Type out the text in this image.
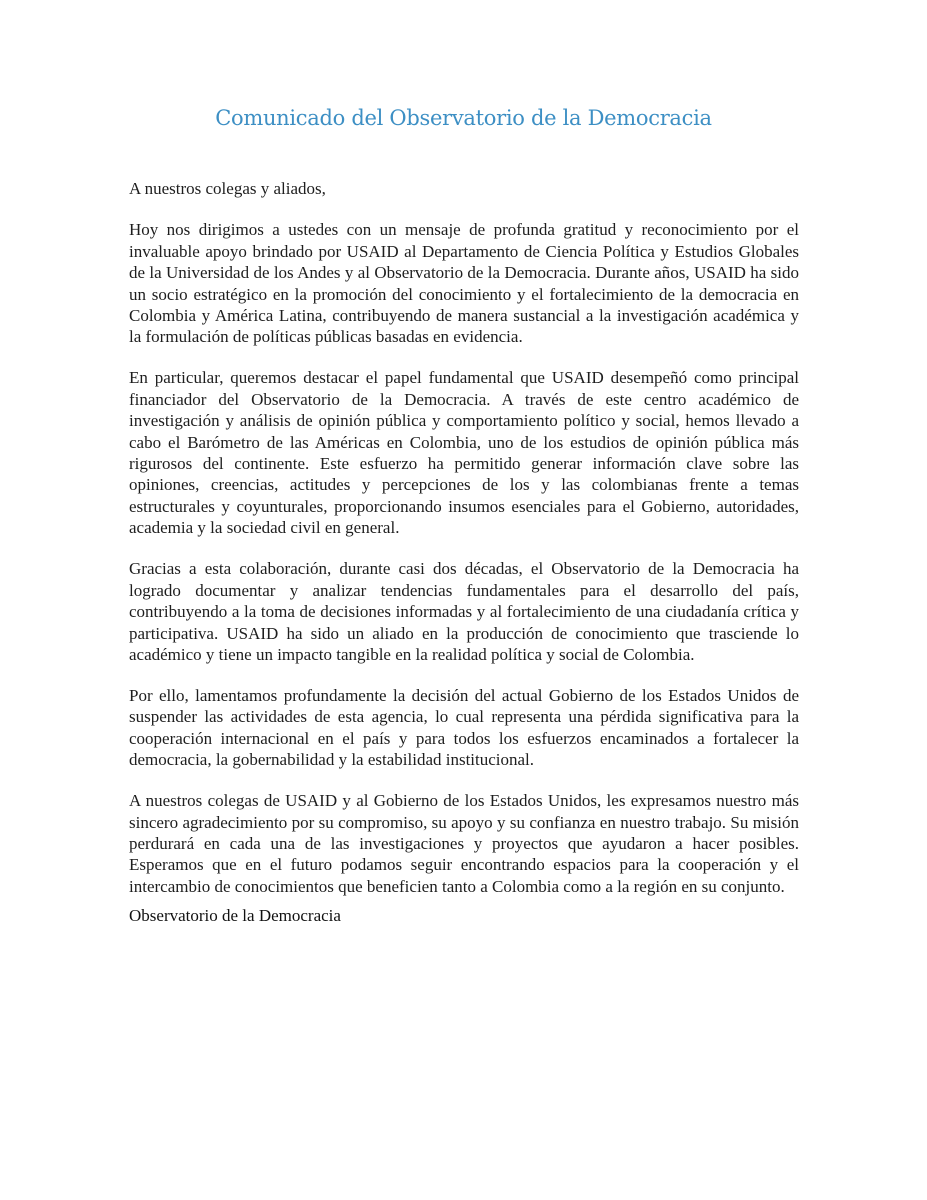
Comunicado del Observatorio de la Democracia

A nuestros colegas y aliados,

Hoy nos dirigimos a ustedes con un mensaje de profunda gratitud y reconocimiento por el invaluable apoyo brindado por USAID al Departamento de Ciencia Política y Estudios Globales de la Universidad de los Andes y al Observatorio de la Democracia. Durante años, USAID ha sido un socio estratégico en la promoción del conocimiento y el fortalecimiento de la democracia en Colombia y América Latina, contribuyendo de manera sustancial a la investigación académica y la formulación de políticas públicas basadas en evidencia.

En particular, queremos destacar el papel fundamental que USAID desempeñó como principal financiador del Observatorio de la Democracia. A través de este centro académico de investigación y análisis de opinión pública y comportamiento político y social, hemos llevado a cabo el Barómetro de las Américas en Colombia, uno de los estudios de opinión pública más rigurosos del continente. Este esfuerzo ha permitido generar información clave sobre las opiniones, creencias, actitudes y percepciones de los y las colombianas frente a temas estructurales y coyunturales, proporcionando insumos esenciales para el Gobierno, autoridades, academia y la sociedad civil en general.

Gracias a esta colaboración, durante casi dos décadas, el Observatorio de la Democracia ha logrado documentar y analizar tendencias fundamentales para el desarrollo del país, contribuyendo a la toma de decisiones informadas y al fortalecimiento de una ciudadanía crítica y participativa. USAID ha sido un aliado en la producción de conocimiento que trasciende lo académico y tiene un impacto tangible en la realidad política y social de Colombia.

Por ello, lamentamos profundamente la decisión del actual Gobierno de los Estados Unidos de suspender las actividades de esta agencia, lo cual representa una pérdida significativa para la cooperación internacional en el país y para todos los esfuerzos encaminados a fortalecer la democracia, la gobernabilidad y la estabilidad institucional.

A nuestros colegas de USAID y al Gobierno de los Estados Unidos, les expresamos nuestro más sincero agradecimiento por su compromiso, su apoyo y su confianza en nuestro trabajo. Su misión perdurará en cada una de las investigaciones y proyectos que ayudaron a hacer posibles. Esperamos que en el futuro podamos seguir encontrando espacios para la cooperación y el intercambio de conocimientos que beneficien tanto a Colombia como a la región en su conjunto.

Observatorio de la Democracia
